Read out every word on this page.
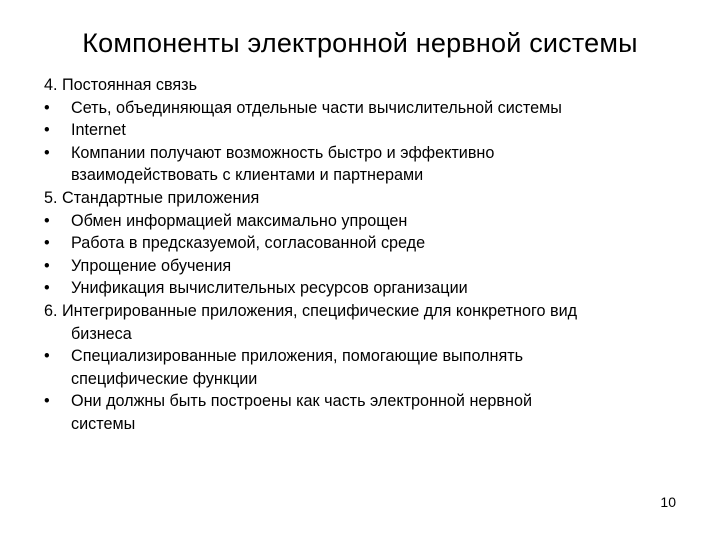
Компоненты электронной нервной системы
4. Постоянная связь
•	Сеть, объединяющая отдельные части вычислительной системы
•	Internet
•	Компании получают возможность быстро и эффективно
взаимодействовать с клиентами и партнерами
5. Стандартные приложения
•	Обмен информацией максимально упрощен
•	Работа в предсказуемой, согласованной среде
•	Упрощение обучения
•	Унификация вычислительных ресурсов организации
6. Интегрированные приложения, специфические для конкретного вид
бизнеса
•	Специализированные приложения, помогающие выполнять
специфические функции
•	Они должны быть построены как часть электронной нервной
системы
10
